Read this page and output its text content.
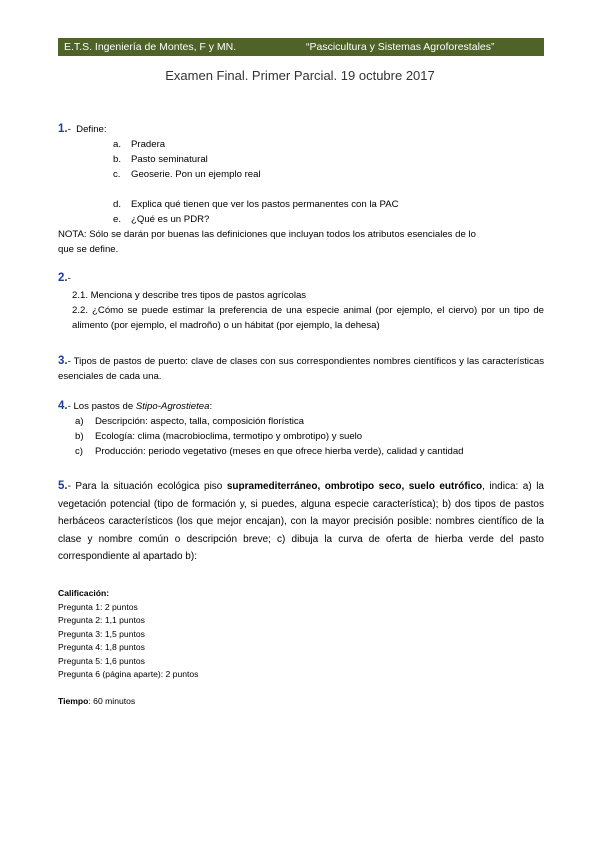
E.T.S. Ingeniería de Montes, F y MN.	“Pascicultura y Sistemas Agroforestales”
Examen Final. Primer Parcial. 19 octubre 2017
1.- Define:
a. Pradera
b. Pasto seminatural
c. Geoserie. Pon un ejemplo real
d. Explica qué tienen que ver los pastos permanentes con la PAC
e. ¿Qué es un PDR?
NOTA: Sólo se darán por buenas las definiciones que incluyan todos los atributos esenciales de lo
que se define.
2.-
2.1. Menciona y describe tres tipos de pastos agrícolas
2.2. ¿Cómo se puede estimar la preferencia de una especie animal (por ejemplo, el ciervo) por un tipo de alimento (por ejemplo, el madroño) o un hábitat (por ejemplo, la dehesa)
3.- Tipos de pastos de puerto: clave de clases con sus correspondientes nombres científicos y las características esenciales de cada una.
4.- Los pastos de Stipo-Agrostietea:
a) Descripción: aspecto, talla, composición florística
b) Ecología: clima (macrobioclima, termotipo y ombrotipo) y suelo
c) Producción: periodo vegetativo (meses en que ofrece hierba verde), calidad y cantidad
5.- Para la situación ecológica piso supramediterráneo, ombrotipo seco, suelo eutrófico, indica: a) la vegetación potencial (tipo de formación y, si puedes, alguna especie característica); b) dos tipos de pastos herbáceos característicos (los que mejor encajan), con la mayor precisión posible: nombres científico de la clase y nombre común o descripción breve; c) dibuja la curva de oferta de hierba verde del pasto correspondiente al apartado b):
Calificación:
Pregunta 1: 2 puntos
Pregunta 2: 1,1 puntos
Pregunta 3: 1,5 puntos
Pregunta 4: 1,8 puntos
Pregunta 5: 1,6 puntos
Pregunta 6 (página aparte): 2 puntos
Tiempo: 60 minutos
